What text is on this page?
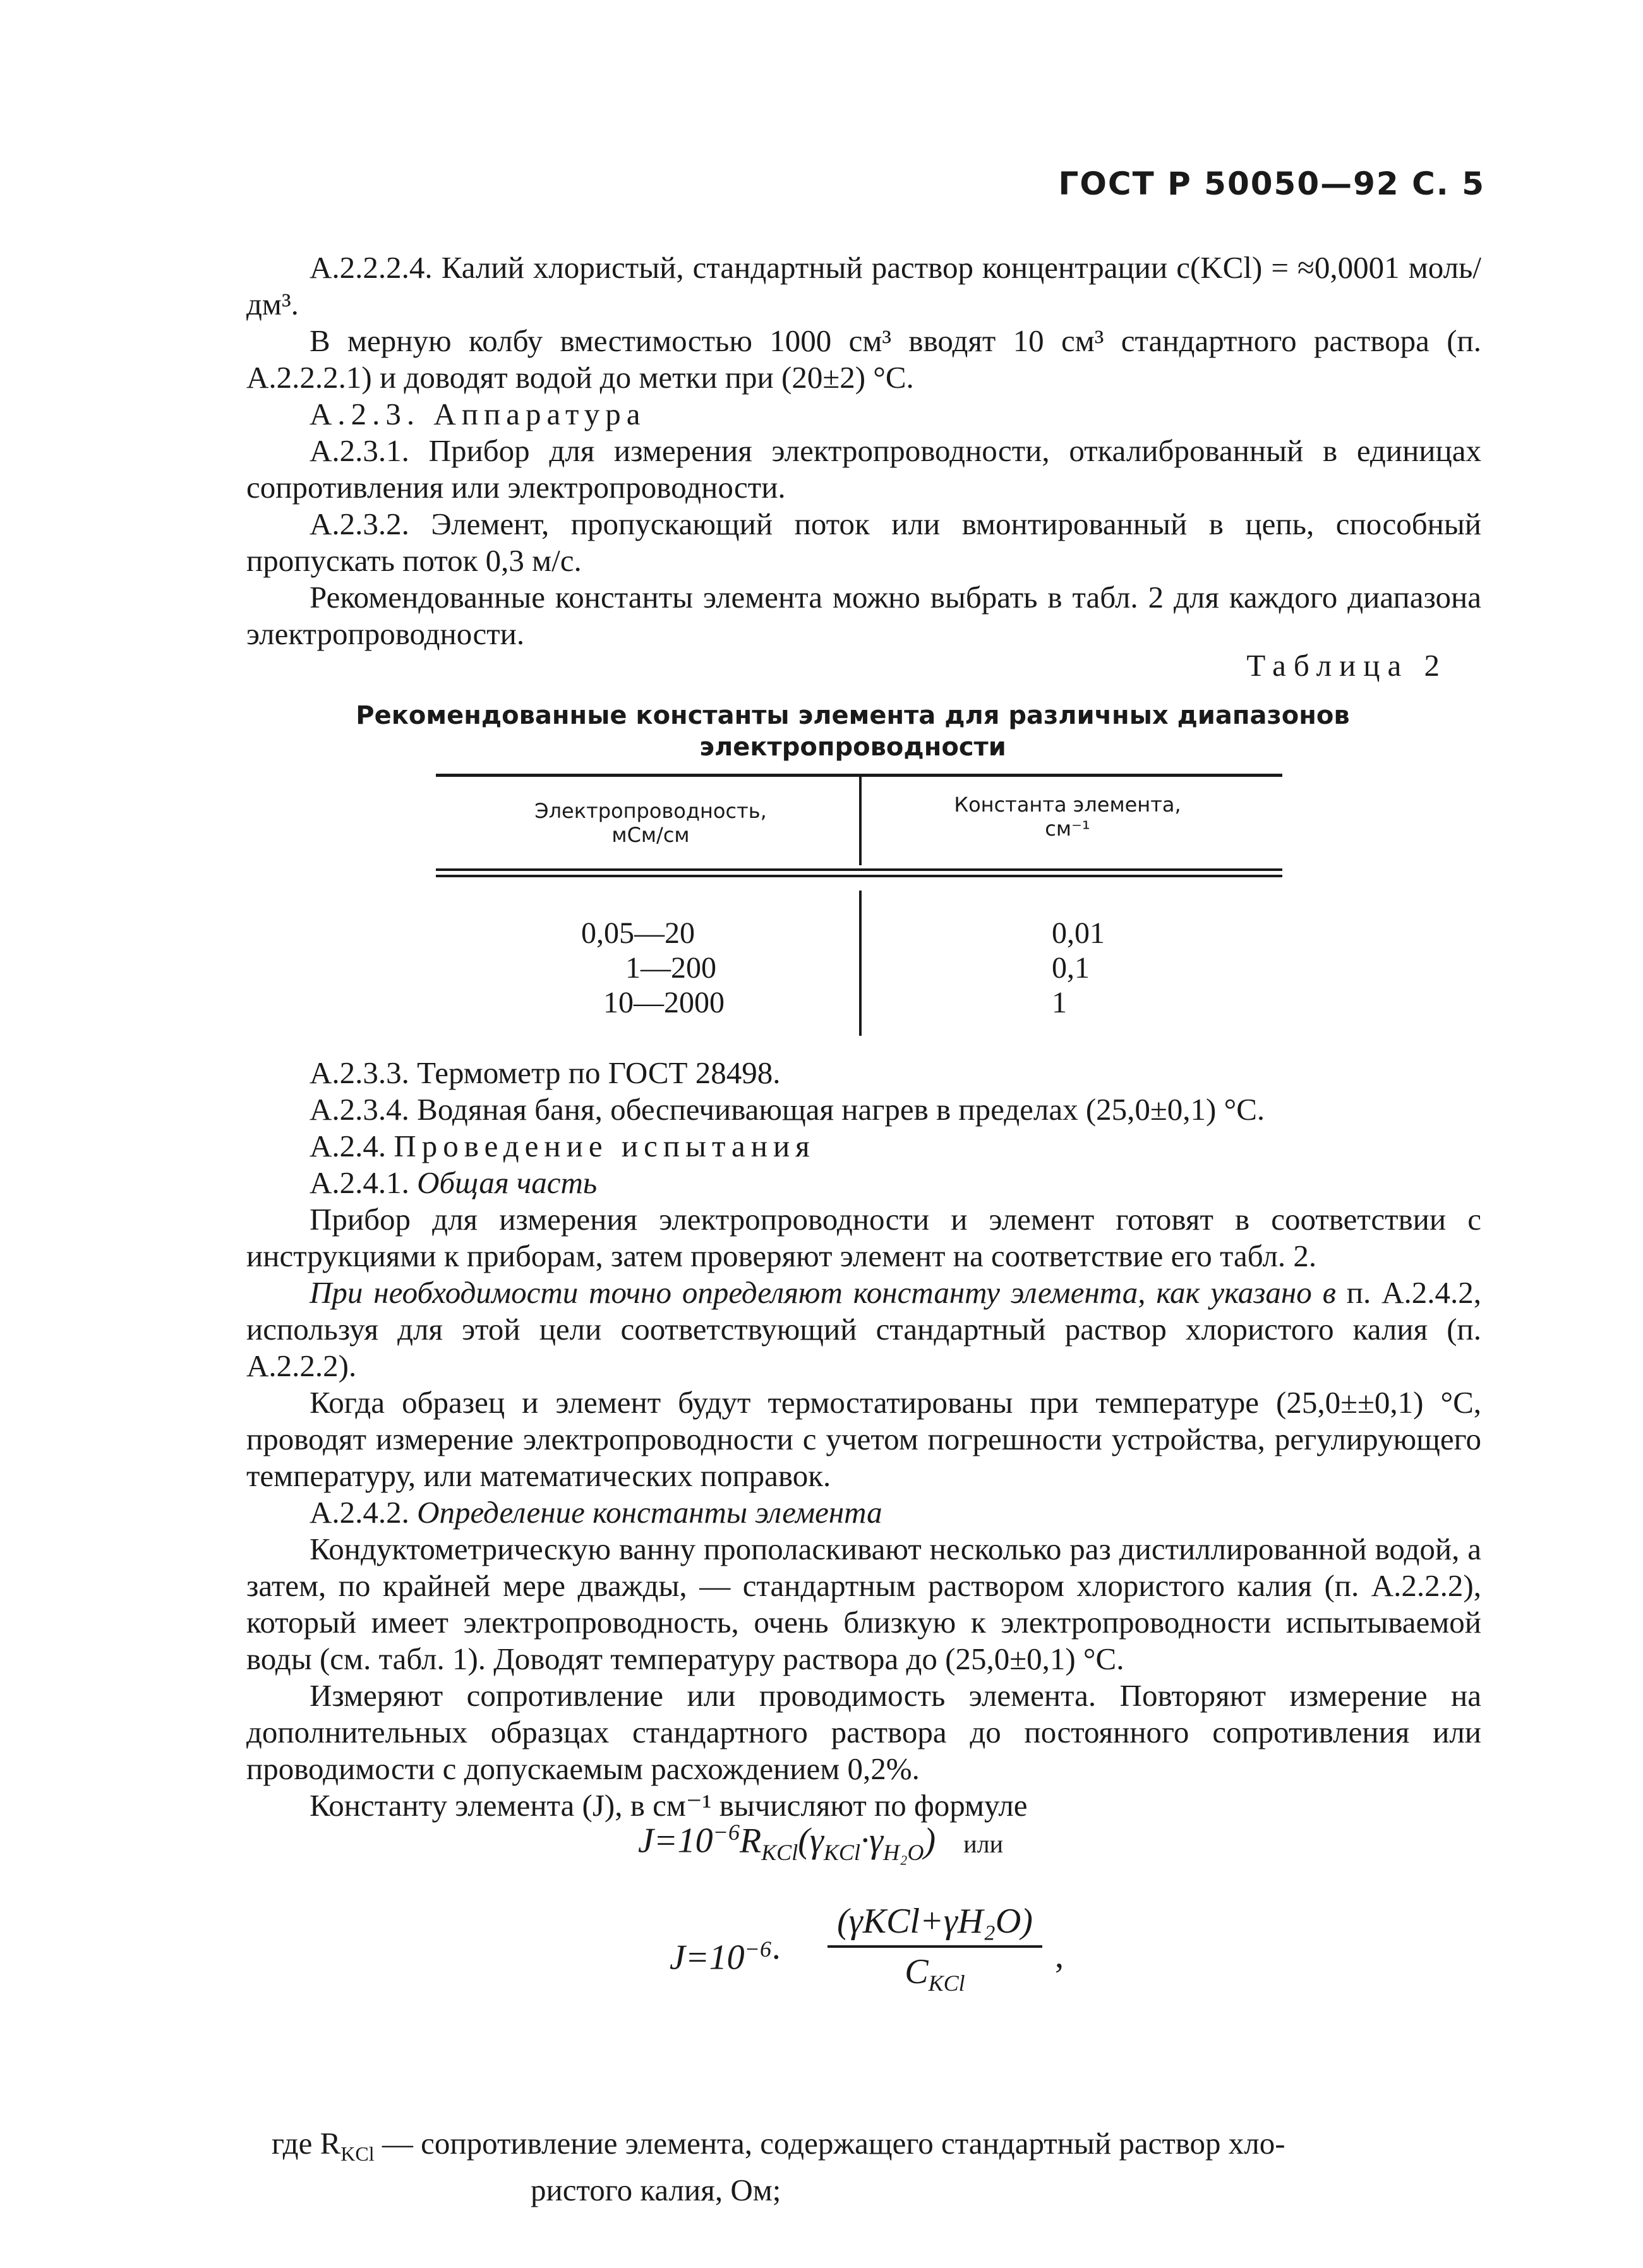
ГОСТ Р 50050—92 С. 5

А.2.2.2.4. Калий хлористый, стандартный раствор концентрации c(KCl) = ≈0,0001 моль/дм³.

В мерную колбу вместимостью 1000 см³ вводят 10 см³ стандартного раствора (п. А.2.2.2.1) и доводят водой до метки при (20±2) °С.

А.2.3. Аппаратура

А.2.3.1. Прибор для измерения электропроводности, откалиброванный в единицах сопротивления или электропроводности.

А.2.3.2. Элемент, пропускающий поток или вмонтированный в цепь, способный пропускать поток 0,3 м/с.

Рекомендованные константы элемента можно выбрать в табл. 2 для каждого диапазона электропроводности.

Таблица 2
Рекомендованные константы элемента для различных диапазонов
электропроводности
Электропроводность,
мСм/см
Константа элемента,
см⁻¹
0,05—20
1—200
10—2000
0,01
0,1
1

А.2.3.3. Термометр по ГОСТ 28498.

А.2.3.4. Водяная баня, обеспечивающая нагрев в пределах (25,0±0,1) °С.

А.2.4. Проведение испытания

А.2.4.1. Общая часть

Прибор для измерения электропроводности и элемент готовят в соответствии с инструкциями к приборам, затем проверяют элемент на соответствие его табл. 2.

При необходимости точно определяют константу элемента, как указано в п. А.2.4.2, используя для этой цели соответствующий стандартный раствор хлористого калия (п. А.2.2.2).

Когда образец и элемент будут термостатированы при температуре (25,0±±0,1) °С, проводят измерение электропроводности с учетом погрешности устройства, регулирующего температуру, или математических поправок.

А.2.4.2. Определение константы элемента

Кондуктометрическую ванну прополаскивают несколько раз дистиллированной водой, а затем, по крайней мере дважды, — стандартным раствором хлористого калия (п. А.2.2.2), который имеет электропроводность, очень близкую к электропроводности испытываемой воды (см. табл. 1). Доводят температуру раствора до (25,0±0,1) °С.

Измеряют сопротивление или проводимость элемента. Повторяют измерение на дополнительных образцах стандартного раствора до постоянного сопротивления или проводимости с допускаемым расхождением 0,2%.

Константу элемента (J), в см⁻¹ вычисляют по формуле

$J=10^{-6}R_{KCl}(\gamma_{KCl}\cdot\gamma_{H_2O})$ или
$J=10^{-6}\cdot$
(γKCl+γH₂O)
$C_{KCl}$
,
где $R_{KCl}$ — сопротивление элемента, содержащего стандартный раствор хло-
ристого калия, Ом;
